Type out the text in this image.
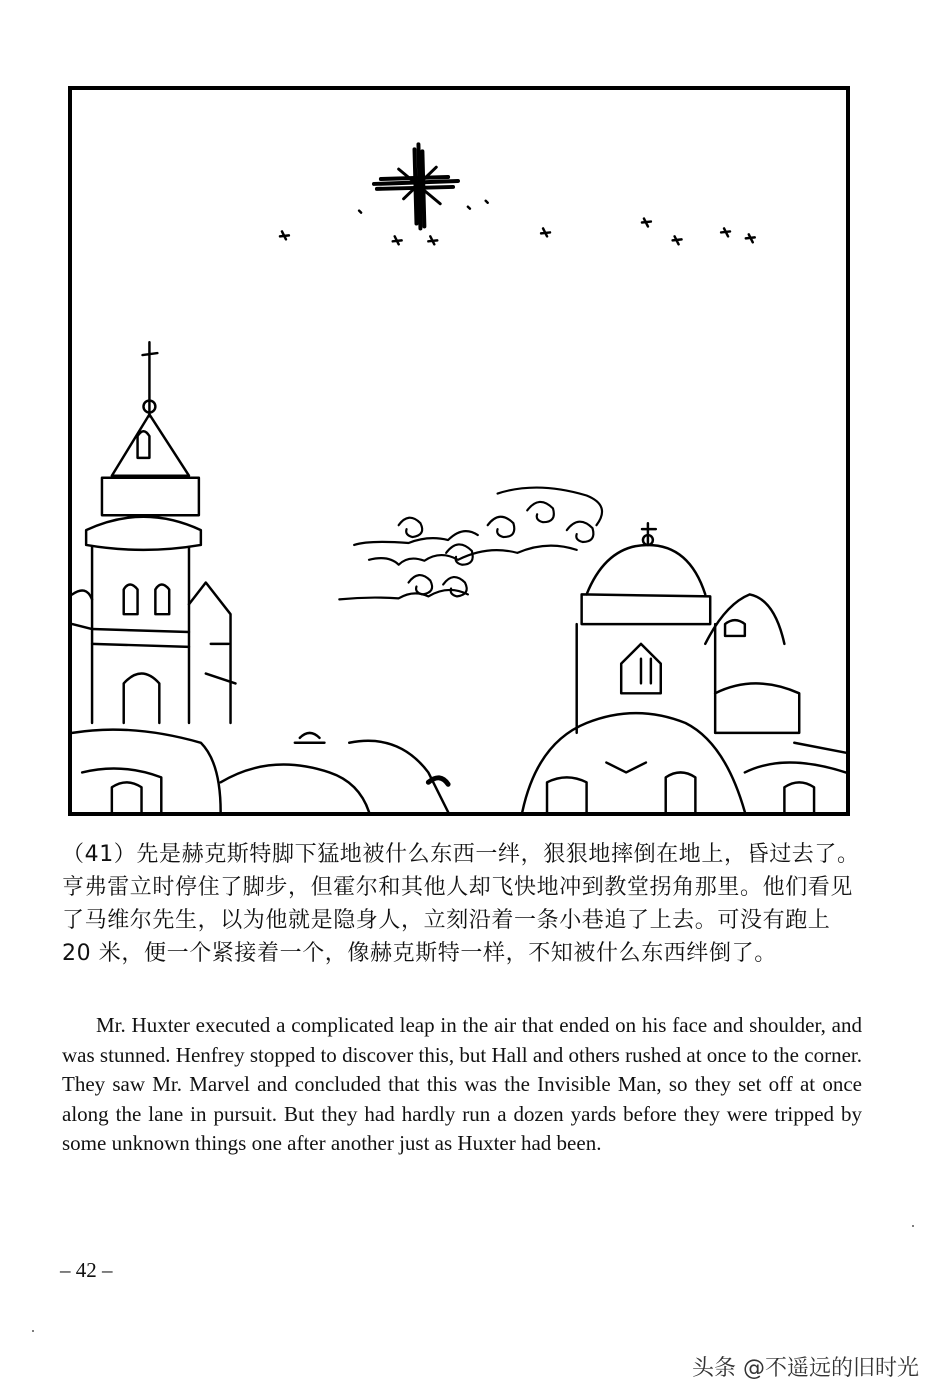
（41）先是赫克斯特脚下猛地被什么东西一绊，狠狠地摔倒在地上，昏过去了。亨弗雷立时停住了脚步，但霍尔和其他人却飞快地冲到教堂拐角那里。他们看见了马维尔先生，以为他就是隐身人，立刻沿着一条小巷追了上去。可没有跑上 20 米，便一个紧接着一个，像赫克斯特一样，不知被什么东西绊倒了。

Mr. Huxter executed a complicated leap in the air that ended on his face and shoulder, and was stunned. Henfrey stopped to discover this, but Hall and others rushed at once to the corner. They saw Mr. Marvel and concluded that this was the Invisible Man, so they set off at once along the lane in pursuit. But they had hardly run a dozen yards before they were tripped by some unknown things one after another just as Huxter had been.

– 42 –
头条 @不遥远的旧时光
